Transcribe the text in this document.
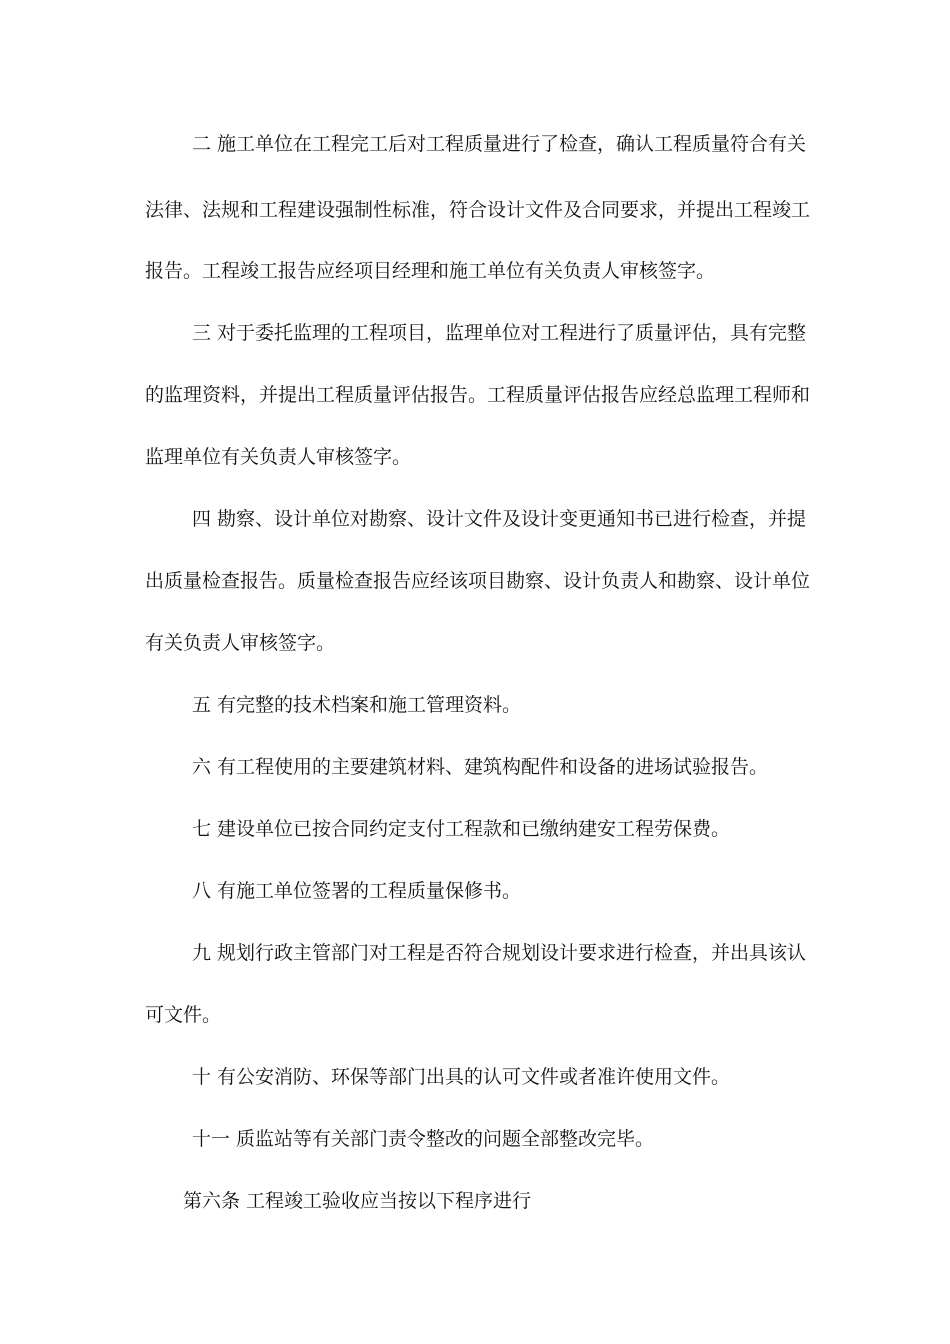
二 施工单位在工程完工后对工程质量进行了检查，确认工程质量符合有关
法律、法规和工程建设强制性标准，符合设计文件及合同要求，并提出工程竣工
报告。工程竣工报告应经项目经理和施工单位有关负责人审核签字。
三 对于委托监理的工程项目，监理单位对工程进行了质量评估，具有完整
的监理资料，并提出工程质量评估报告。工程质量评估报告应经总监理工程师和
监理单位有关负责人审核签字。
四 勘察、设计单位对勘察、设计文件及设计变更通知书已进行检查，并提
出质量检查报告。质量检查报告应经该项目勘察、设计负责人和勘察、设计单位
有关负责人审核签字。
五 有完整的技术档案和施工管理资料。
六 有工程使用的主要建筑材料、建筑构配件和设备的进场试验报告。
七 建设单位已按合同约定支付工程款和已缴纳建安工程劳保费。
八 有施工单位签署的工程质量保修书。
九 规划行政主管部门对工程是否符合规划设计要求进行检查，并出具该认
可文件。
十 有公安消防、环保等部门出具的认可文件或者准许使用文件。
十一 质监站等有关部门责令整改的问题全部整改完毕。
第六条 工程竣工验收应当按以下程序进行
